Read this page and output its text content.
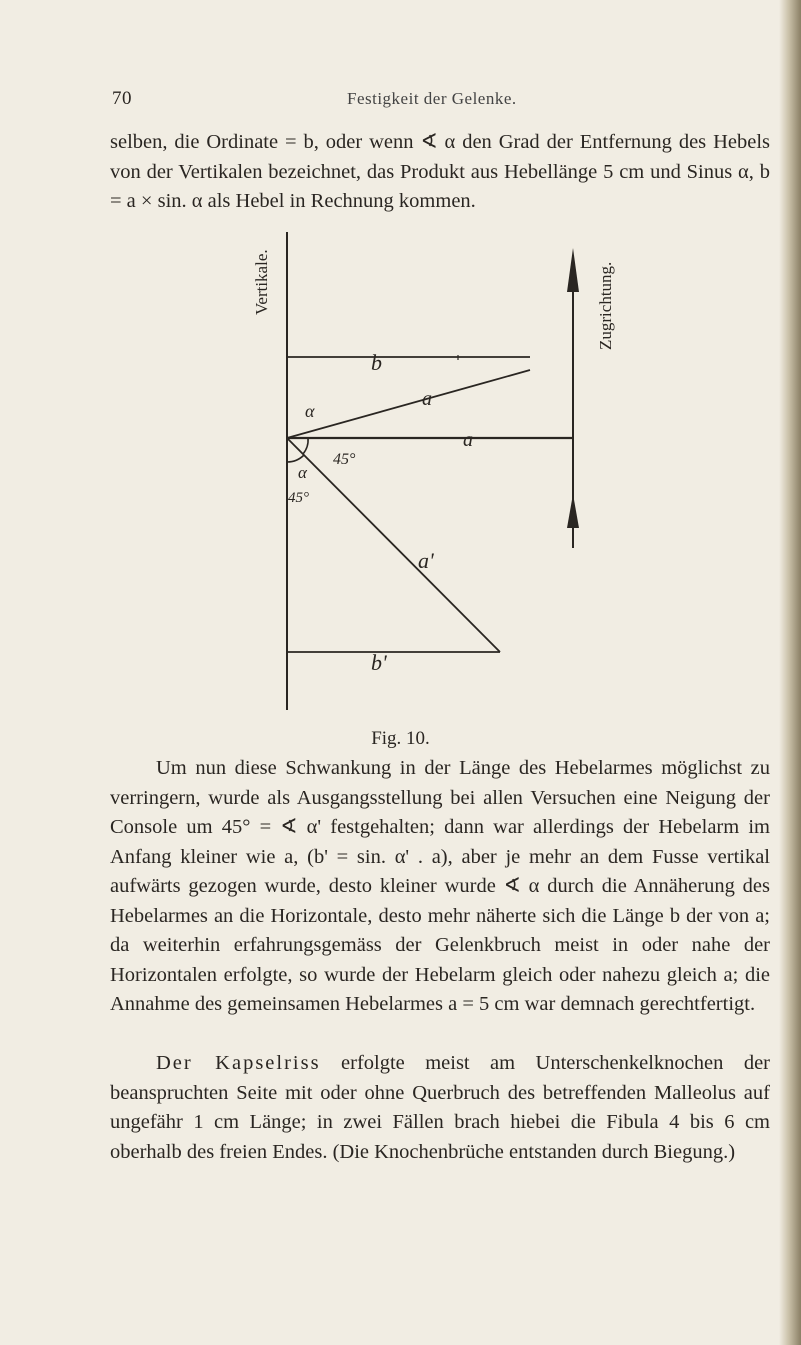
70	Festigkeit der Gelenke.

selben, die Ordinate = b, oder wenn ∢ α den Grad der Entfernung des Hebels von der Vertikalen bezeichnet, das Produkt aus Hebellänge 5 cm und Sinus α, b = a × sin. α als Hebel in Rechnung kommen.

Vertikale.	Zugrichtung.
b
a
α
a
45°
α
45°
a'
b'
Fig. 10.

Um nun diese Schwankung in der Länge des Hebelarmes möglichst zu verringern, wurde als Ausgangsstellung bei allen Versuchen eine Neigung der Console um 45° = ∢ α' festgehalten; dann war allerdings der Hebelarm im Anfang kleiner wie a, (b' = sin. α' . a), aber je mehr an dem Fusse vertikal aufwärts gezogen wurde, desto kleiner wurde ∢ α durch die Annäherung des Hebelarmes an die Horizontale, desto mehr näherte sich die Länge b der von a; da weiterhin erfahrungsgemäss der Gelenkbruch meist in oder nahe der Horizontalen erfolgte, so wurde der Hebelarm gleich oder nahezu gleich a; die Annahme des gemeinsamen Hebelarmes a = 5 cm war demnach gerechtfertigt.

Der Kapselriss erfolgte meist am Unterschenkelknochen der beanspruchten Seite mit oder ohne Querbruch des betreffenden Malleolus auf ungefähr 1 cm Länge; in zwei Fällen brach hiebei die Fibula 4 bis 6 cm oberhalb des freien Endes. (Die Knochenbrüche entstanden durch Biegung.)
